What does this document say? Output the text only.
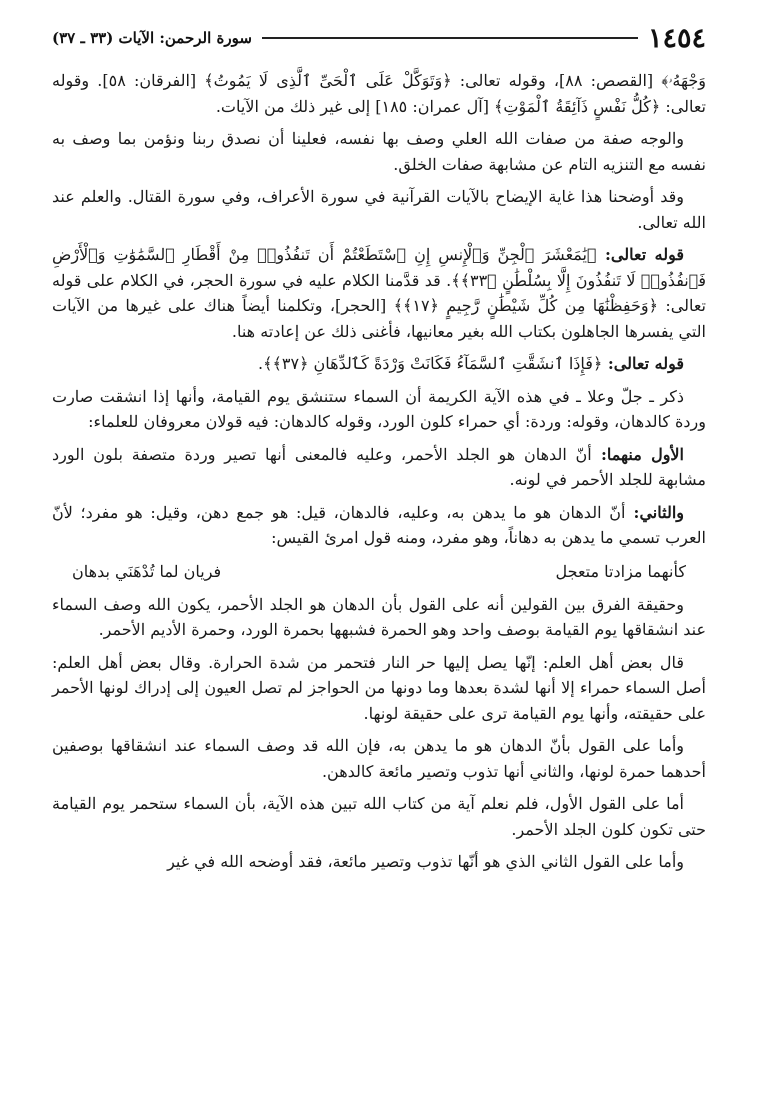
١٤٥٤
سورة الرحمن: الآيات (٣٣ ـ ٣٧)

وَجْهَهُۥ﴾ [القصص: ٨٨]، وقوله تعالى: ﴿وَتَوَكَّلْ عَلَى ٱلْحَىِّ ٱلَّذِى لَا يَمُوتُ﴾ [الفرقان: ٥٨]. وقوله تعالى: ﴿كُلُّ نَفْسٍ ذَآئِقَةُ ٱلْمَوْتِ﴾ [آل عمران: ١٨٥] إلى غير ذلك من الآيات.

والوجه صفة من صفات الله العلي وصف بها نفسه، فعلينا أن نصدق ربنا ونؤمن بما وصف به نفسه مع التنزيه التام عن مشابهة صفات الخلق.

وقد أوضحنا هذا غاية الإيضاح بالآيات القرآنية في سورة الأعراف، وفي سورة القتال. والعلم عند الله تعالى.

قوله تعالى: ﴿يَٰمَعْشَرَ ٱلْجِنِّ وَٱلْإِنسِ إِنِ ٱسْتَطَعْتُمْ أَن تَنفُذُوا۟ مِنْ أَقْطَارِ ٱلسَّمَٰوَٰتِ وَٱلْأَرْضِ فَٱنفُذُوا۟ لَا تَنفُذُونَ إِلَّا بِسُلْطَٰنٍ ﴿٣٣﴾﴾. قد قدَّمنا الكلام عليه في سورة الحجر، في الكلام على قوله تعالى: ﴿وَحَفِظْنَٰهَا مِن كُلِّ شَيْطَٰنٍ رَّجِيمٍ ﴿١٧﴾﴾ [الحجر]، وتكلمنا أيضاً هناك على غيرها من الآيات التي يفسرها الجاهلون بكتاب الله بغير معانيها، فأغنى ذلك عن إعادته هنا.

قوله تعالى: ﴿فَإِذَا ٱنشَقَّتِ ٱلسَّمَآءُ فَكَانَتْ وَرْدَةً كَٱلدِّهَانِ ﴿٣٧﴾﴾.

ذكر ـ جلّ وعلا ـ في هذه الآية الكريمة أن السماء ستنشق يوم القيامة، وأنها إذا انشقت صارت وردة كالدهان، وقوله: وردة: أي حمراء كلون الورد، وقوله كالدهان: فيه قولان معروفان للعلماء:

الأول منهما: أنّ الدهان هو الجلد الأحمر، وعليه فالمعنى أنها تصير وردة متصفة بلون الورد مشابهة للجلد الأحمر في لونه.

والثاني: أنّ الدهان هو ما يدهن به، وعليه، فالدهان، قيل: هو جمع دهن، وقيل: هو مفرد؛ لأنّ العرب تسمي ما يدهن به دهاناً، وهو مفرد، ومنه قول امرئ القيس:

كأنهما مزادتا متعجل
فريان لما تُدْهَنَي بدهان

وحقيقة الفرق بين القولين أنه على القول بأن الدهان هو الجلد الأحمر، يكون الله وصف السماء عند انشقاقها يوم القيامة بوصف واحد وهو الحمرة فشبهها بحمرة الورد، وحمرة الأديم الأحمر.

قال بعض أهل العلم: إنّها يصل إليها حر النار فتحمر من شدة الحرارة. وقال بعض أهل العلم: أصل السماء حمراء إلا أنها لشدة بعدها وما دونها من الحواجز لم تصل العيون إلى إدراك لونها الأحمر على حقيقته، وأنها يوم القيامة ترى على حقيقة لونها.

وأما على القول بأنّ الدهان هو ما يدهن به، فإن الله قد وصف السماء عند انشقاقها بوصفين أحدهما حمرة لونها، والثاني أنها تذوب وتصير مائعة كالدهن.

أما على القول الأول، فلم نعلم آية من كتاب الله تبين هذه الآية، بأن السماء ستحمر يوم القيامة حتى تكون كلون الجلد الأحمر.

وأما على القول الثاني الذي هو أنّها تذوب وتصير مائعة، فقد أوضحه الله في غير
